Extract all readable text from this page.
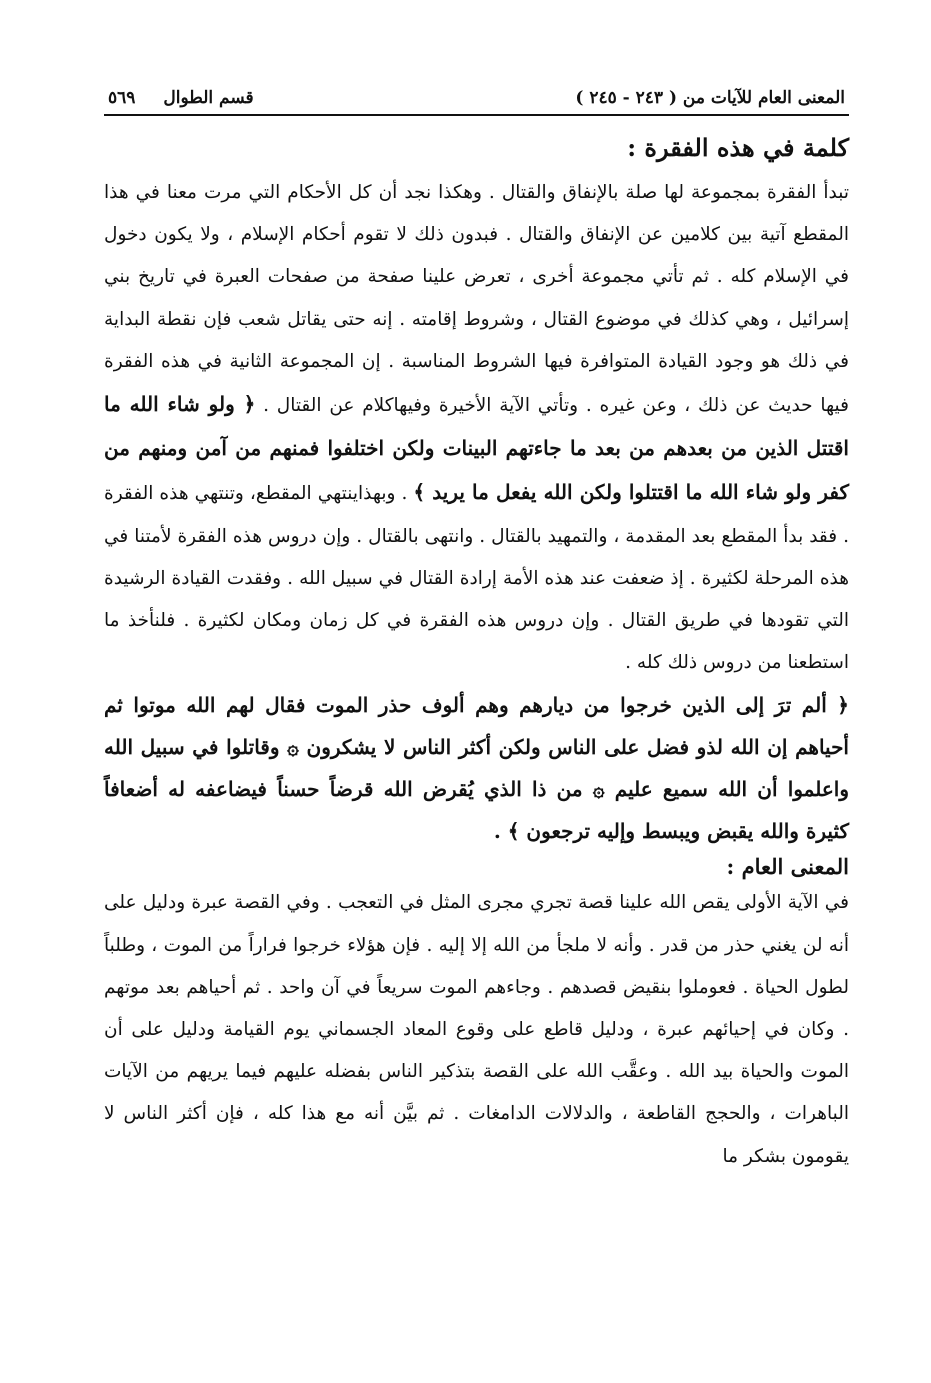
المعنى العام للآيات من ( ٢٤٣ - ٢٤٥ )
قسم الطوال
٥٦٩
كلمة في هذه الفقرة :

تبدأ الفقرة بمجموعة لها صلة بالإنفاق والقتال . وهكذا نجد أن كل الأحكام التي مرت معنا في هذا المقطع آتية بين كلامين عن الإنفاق والقتال . فبدون ذلك لا تقوم أحكام الإسلام ، ولا يكون دخول في الإسلام كله . ثم تأتي مجموعة أخرى ، تعرض علينا صفحة من صفحات العبرة في تاريخ بني إسرائيل ، وهي كذلك في موضوع القتال ، وشروط إقامته . إنه حتى يقاتل شعب فإن نقطة البداية في ذلك هو وجود القيادة المتوافرة فيها الشروط المناسبة . إن المجموعة الثانية في هذه الفقرة فيها حديث عن ذلك ، وعن غيره . وتأتي الآية الأخيرة وفيهاكلام عن القتال . ﴿ ولو شاء الله ما اقتتل الذين من بعدهم من بعد ما جاءتهم البينات ولكن اختلفوا فمنهم من آمن ومنهم من كفر ولو شاء الله ما اقتتلوا ولكن الله يفعل ما يريد ﴾ . وبهذاينتهي المقطع، وتنتهي هذه الفقرة . فقد بدأ المقطع بعد المقدمة ، والتمهيد بالقتال . وانتهى بالقتال . وإن دروس هذه الفقرة لأمتنا في هذه المرحلة لكثيرة . إذ ضعفت عند هذه الأمة إرادة القتال في سبيل الله . وفقدت القيادة الرشيدة التي تقودها في طريق القتال . وإن دروس هذه الفقرة في كل زمان ومكان لكثيرة . فلنأخذ ما استطعنا من دروس ذلك كله .

﴿ ألم ترَ إلى الذين خرجوا من ديارهم وهم ألوف حذر الموت فقال لهم الله موتوا ثم أحياهم إن الله لذو فضل على الناس ولكن أكثر الناس لا يشكرون ۞ وقاتلوا في سبيل الله واعلموا أن الله سميع عليم ۞ من ذا الذي يُقرض الله قرضاً حسناً فيضاعفه له أضعافاً كثيرة والله يقبض ويبسط وإليه ترجعون ﴾ .

المعنى العام :

في الآية الأولى يقص الله علينا قصة تجري مجرى المثل في التعجب . وفي القصة عبرة ودليل على أنه لن يغني حذر من قدر . وأنه لا ملجأ من الله إلا إليه . فإن هؤلاء خرجوا فراراً من الموت ، وطلباً لطول الحياة . فعوملوا بنقيض قصدهم . وجاءهم الموت سريعاً في آن واحد . ثم أحياهم بعد موتهم . وكان في إحيائهم عبرة ، ودليل قاطع على وقوع المعاد الجسماني يوم القيامة ودليل على أن الموت والحياة بيد الله . وعقَّب الله على القصة بتذكير الناس بفضله عليهم فيما يريهم من الآيات الباهرات ، والحجج القاطعة ، والدلالات الدامغات . ثم بيَّن أنه مع هذا كله ، فإن أكثر الناس لا يقومون بشكر ما
